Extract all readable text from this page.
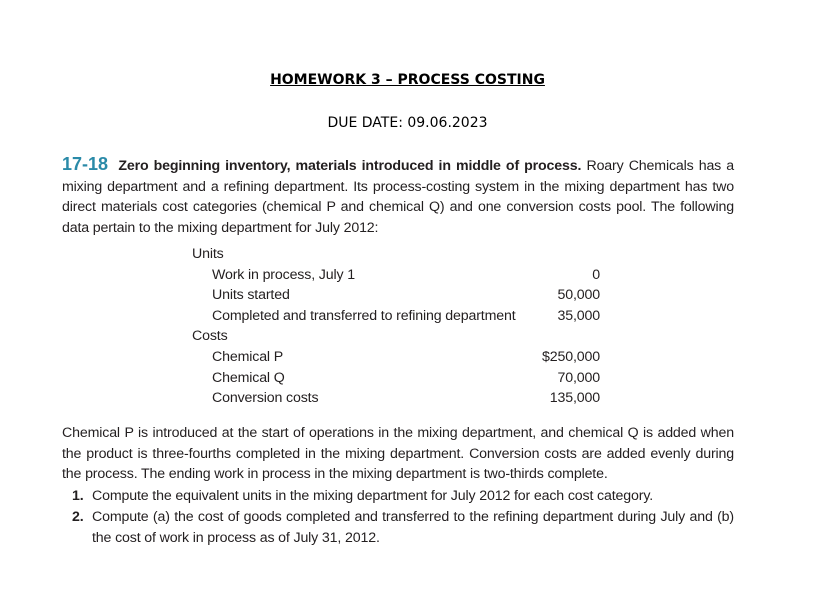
HOMEWORK 3 – PROCESS COSTING
DUE DATE: 09.06.2023
17-18 Zero beginning inventory, materials introduced in middle of process. Roary Chemicals has a mixing department and a refining department. Its process-costing system in the mixing department has two direct materials cost categories (chemical P and chemical Q) and one conversion costs pool. The following data pertain to the mixing department for July 2012:
Units
Work in process, July 1	0
Units started	50,000
Completed and transferred to refining department	35,000
Costs
Chemical P	$250,000
Chemical Q	70,000
Conversion costs	135,000
Chemical P is introduced at the start of operations in the mixing department, and chemical Q is added when the product is three-fourths completed in the mixing department. Conversion costs are added evenly during the process. The ending work in process in the mixing department is two-thirds complete.
1. Compute the equivalent units in the mixing department for July 2012 for each cost category.
2. Compute (a) the cost of goods completed and transferred to the refining department during July and (b) the cost of work in process as of July 31, 2012.
